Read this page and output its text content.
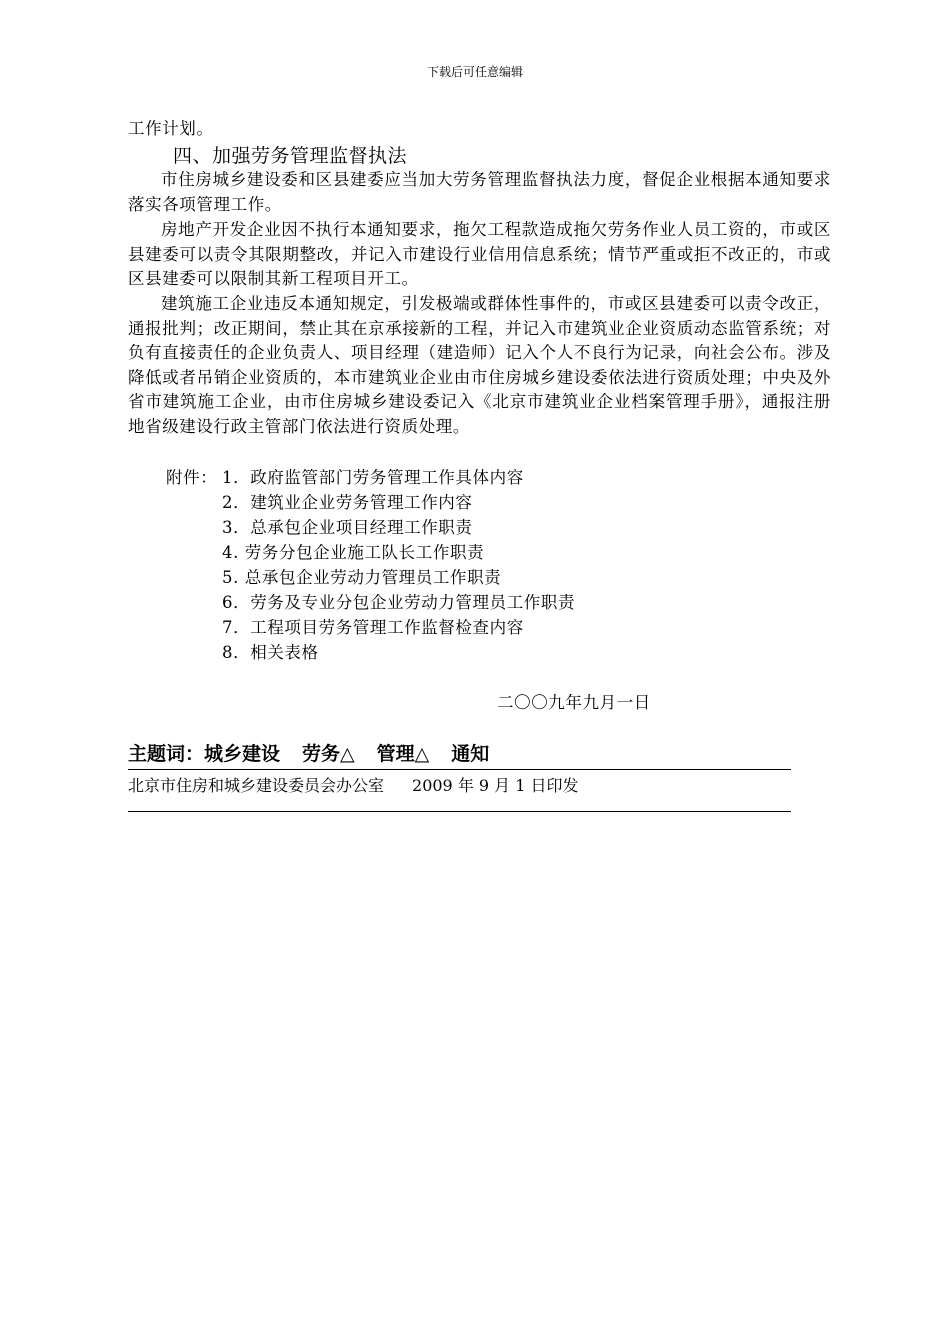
下载后可任意编辑
工作计划。
四、加强劳务管理监督执法
市住房城乡建设委和区县建委应当加大劳务管理监督执法力度，督促企业根据本通知要求落实各项管理工作。
房地产开发企业因不执行本通知要求，拖欠工程款造成拖欠劳务作业人员工资的，市或区县建委可以责令其限期整改，并记入市建设行业信用信息系统；情节严重或拒不改正的，市或区县建委可以限制其新工程项目开工。
建筑施工企业违反本通知规定，引发极端或群体性事件的，市或区县建委可以责令改正，通报批判；改正期间，禁止其在京承接新的工程，并记入市建筑业企业资质动态监管系统；对负有直接责任的企业负责人、项目经理（建造师）记入个人不良行为记录，向社会公布。涉及降低或者吊销企业资质的，本市建筑业企业由市住房城乡建设委依法进行资质处理；中央及外省市建筑施工企业，由市住房城乡建设委记入《北京市建筑业企业档案管理手册》，通报注册地省级建设行政主管部门依法进行资质处理。
附件： 1．政府监管部门劳务管理工作具体内容
2．建筑业企业劳务管理工作内容
3．总承包企业项目经理工作职责
4. 劳务分包企业施工队长工作职责
5. 总承包企业劳动力管理员工作职责
6．劳务及专业分包企业劳动力管理员工作职责
7．工程项目劳务管理工作监督检查内容
8．相关表格
二〇〇九年九月一日
主题词：城乡建设 劳务△ 管理△ 通知
北京市住房和城乡建设委员会办公室 2009 年 9 月 1 日印发
